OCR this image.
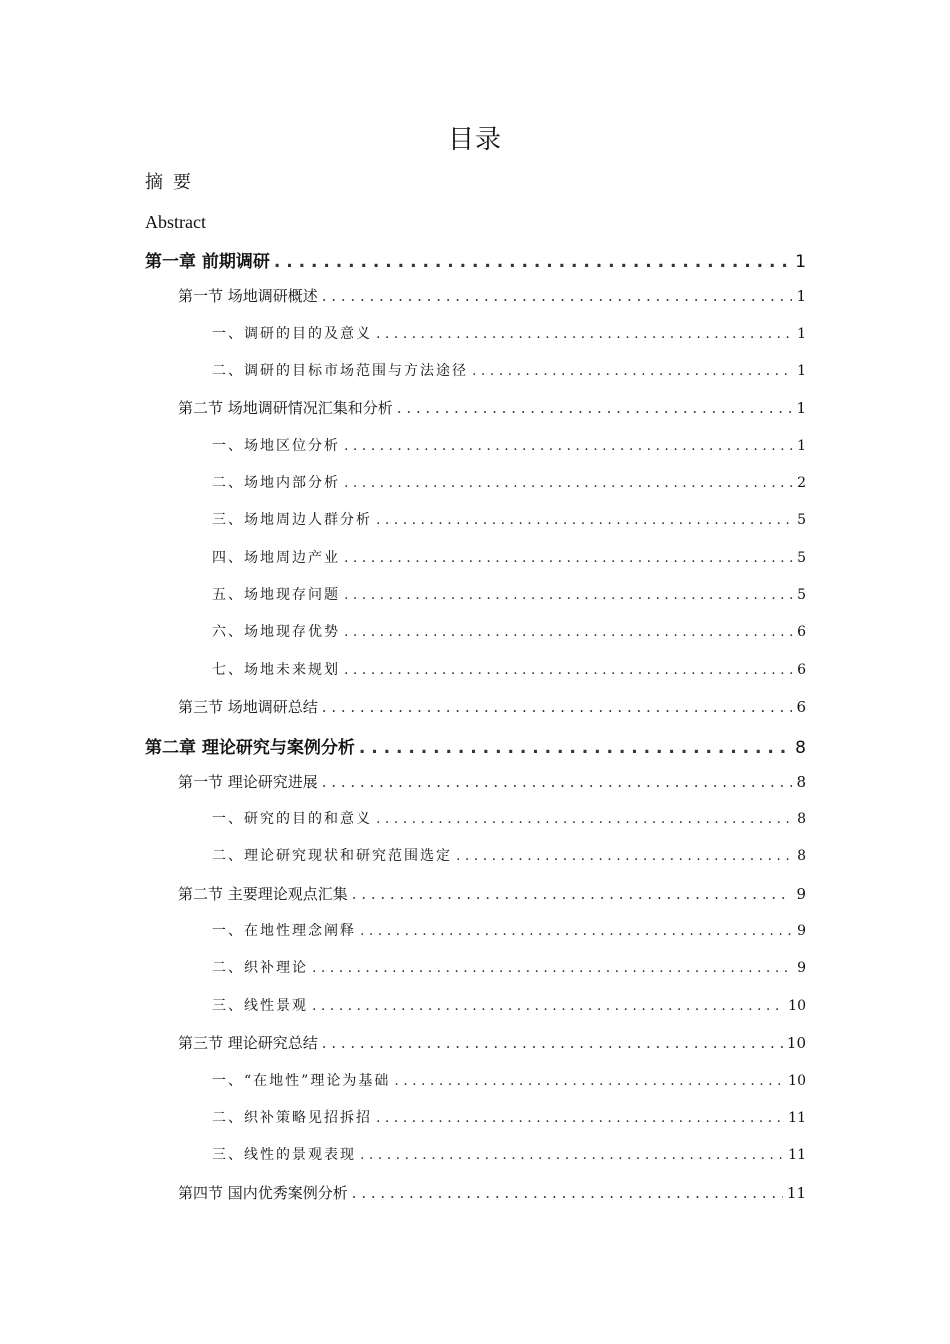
目录
摘要
Abstract
第一章 前期调研 . . .	1
第一节 场地调研概述 . . .	1
一、调研的目的及意义 . . .	1
二、调研的目标市场范围与方法途径 . . .	1
第二节 场地调研情况汇集和分析 . . .	1
一、场地区位分析 . . .	1
二、场地内部分析 . . .	2
三、场地周边人群分析 . . .	5
四、场地周边产业 . . .	5
五、场地现存问题 . . .	5
六、场地现存优势 . . .	6
七、场地未来规划 . . .	6
第三节 场地调研总结 . . .	6
第二章 理论研究与案例分析 . . .	8
第一节 理论研究进展 . . .	8
一、研究的目的和意义 . . .	8
二、理论研究现状和研究范围选定 . . .	8
第二节 主要理论观点汇集 . . .	9
一、在地性理念阐释 . . .	9
二、织补理论 . . .	9
三、线性景观 . . .	10
第三节 理论研究总结 . . .	10
一、“在地性”理论为基础 . . .	10
二、织补策略见招拆招 . . .	11
三、线性的景观表现 . . .	11
第四节 国内优秀案例分析 . . .	11
